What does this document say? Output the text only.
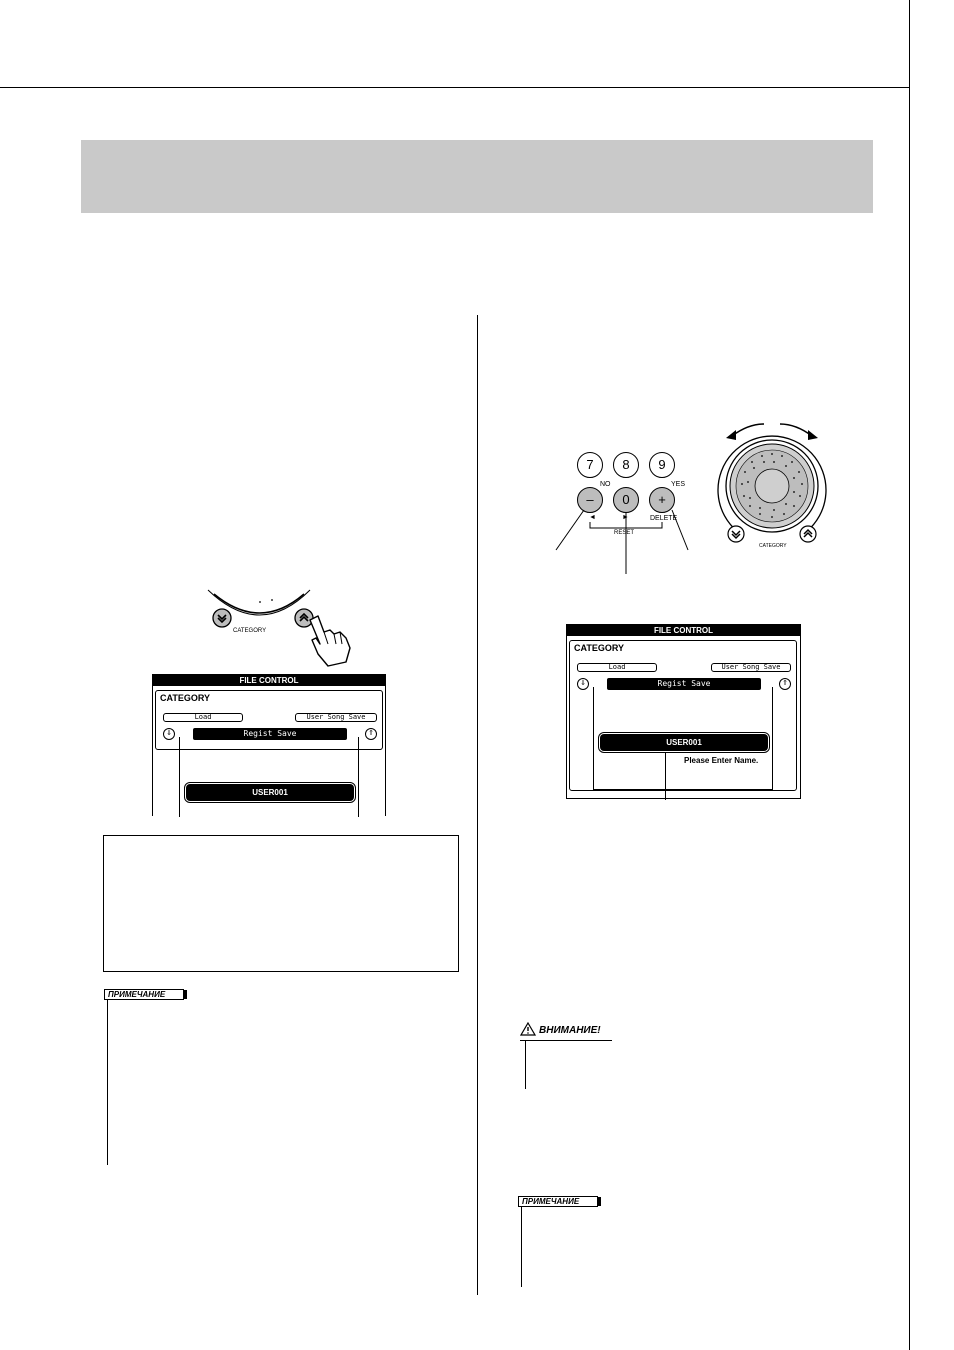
CATEGORY
FILE CONTROL
CATEGORY
Load	User Song Save
⇓	⇑
Regist Save
USER001
ПРИМЕЧАНИЕ
7	8	9
NO	YES
–	0	+
◄	►	DELETE
RESET
CATEGORY
FILE CONTROL
CATEGORY
Load	User Song Save
⇓	⇑
Regist Save
USER001
Please Enter Name.
ВНИМАНИЕ!
ПРИМЕЧАНИЕ
